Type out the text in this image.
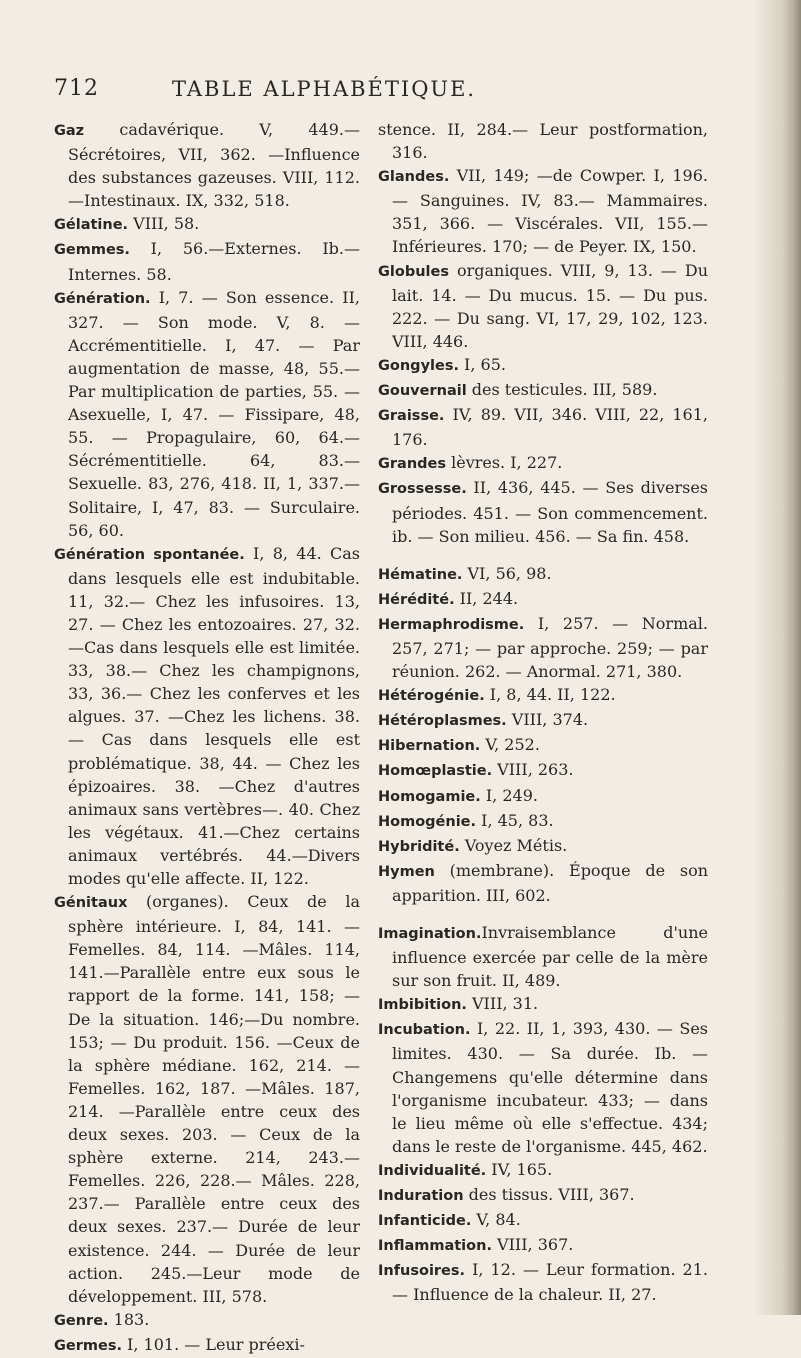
712	TABLE ALPHABÉTIQUE.

Gaz cadavérique. V, 449.—Sécrétoires, VII, 362. —Influence des substances gazeuses. VIII, 112. —Intestinaux. IX, 332, 518.

Gélatine. VIII, 58.

Gemmes. I, 56.—Externes. Ib.—Internes. 58.

Génération. I, 7. — Son essence. II, 327. — Son mode. V, 8. — Accrémentitielle. I, 47. — Par augmentation de masse, 48, 55.—Par multiplication de parties, 55. — Asexuelle, I, 47. — Fissipare, 48, 55. — Propagulaire, 60, 64.—Sécrémentitielle. 64, 83.— Sexuelle. 83, 276, 418. II, 1, 337.—Solitaire, I, 47, 83. — Surculaire. 56, 60.

Génération spontanée. I, 8, 44. Cas dans lesquels elle est indubitable. 11, 32.— Chez les infusoires. 13, 27. — Chez les entozoaires. 27, 32. —Cas dans lesquels elle est limitée. 33, 38.— Chez les champignons, 33, 36.— Chez les conferves et les algues. 37. —Chez les lichens. 38.— Cas dans lesquels elle est problématique. 38, 44. — Chez les épizoaires. 38. —Chez d'autres animaux sans vertèbres—. 40. Chez les végétaux. 41.—Chez certains animaux vertébrés. 44.—Divers modes qu'elle affecte. II, 122.

Génitaux (organes). Ceux de la sphère intérieure. I, 84, 141. — Femelles. 84, 114. —Mâles. 114, 141.—Parallèle entre eux sous le rapport de la forme. 141, 158; — De la situation. 146;—Du nombre. 153; — Du produit. 156. —Ceux de la sphère médiane. 162, 214. — Femelles. 162, 187. —Mâles. 187, 214. —Parallèle entre ceux des deux sexes. 203. — Ceux de la sphère externe. 214, 243.— Femelles. 226, 228.— Mâles. 228, 237.— Parallèle entre ceux des deux sexes. 237.— Durée de leur existence. 244. — Durée de leur action. 245.—Leur mode de développement. III, 578.

Genre. 183.

Germes. I, 101. — Leur préexi-

stence. II, 284.— Leur postformation, 316.

Glandes. VII, 149; —de Cowper. I, 196. — Sanguines. IV, 83.— Mammaires. 351, 366. — Viscérales. VII, 155.—Inférieures. 170; — de Peyer. IX, 150.

Globules organiques. VIII, 9, 13. — Du lait. 14. — Du mucus. 15. — Du pus. 222. — Du sang. VI, 17, 29, 102, 123. VIII, 446.

Gongyles. I, 65.

Gouvernail des testicules. III, 589.

Graisse. IV, 89. VII, 346. VIII, 22, 161, 176.

Grandes lèvres. I, 227.

Grossesse. II, 436, 445. — Ses diverses périodes. 451. — Son commencement. ib. — Son milieu. 456. — Sa fin. 458.

Hématine. VI, 56, 98.

Hérédité. II, 244.

Hermaphrodisme. I, 257. — Normal. 257, 271; — par approche. 259; — par réunion. 262. — Anormal. 271, 380.

Hétérogénie. I, 8, 44. II, 122.

Hétéroplasmes. VIII, 374.

Hibernation. V, 252.

Homœplastie. VIII, 263.

Homogamie. I, 249.

Homogénie. I, 45, 83.

Hybridité. Voyez Métis.

Hymen (membrane). Époque de son apparition. III, 602.

Imagination.Invraisemblance d'une influence exercée par celle de la mère sur son fruit. II, 489.

Imbibition. VIII, 31.

Incubation. I, 22. II, 1, 393, 430. — Ses limites. 430. — Sa durée. Ib. — Changemens qu'elle détermine dans l'organisme incubateur. 433; — dans le lieu même où elle s'effectue. 434; dans le reste de l'organisme. 445, 462.

Individualité. IV, 165.

Induration des tissus. VIII, 367.

Infanticide. V, 84.

Inflammation. VIII, 367.

Infusoires. I, 12. — Leur formation. 21. — Influence de la chaleur. II, 27.
